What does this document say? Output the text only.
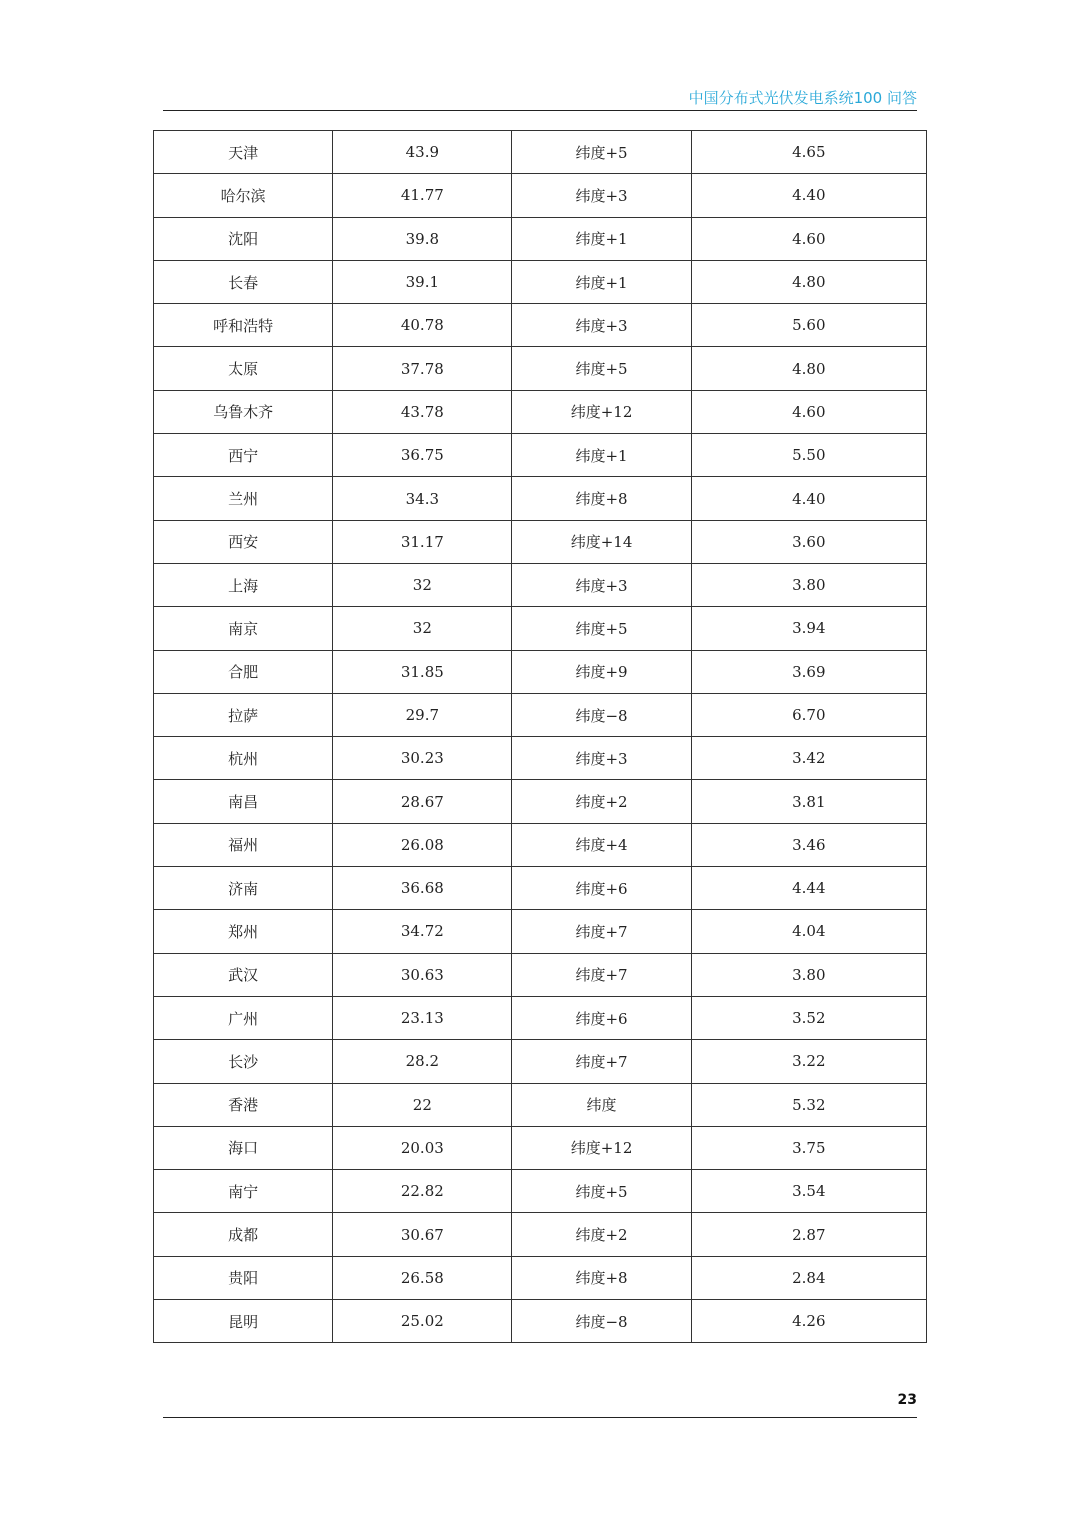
中国分布式光伏发电系统100 问答
天津	43.9	纬度+5	4.65
哈尔滨	41.77	纬度+3	4.40
沈阳	39.8	纬度+1	4.60
长春	39.1	纬度+1	4.80
呼和浩特	40.78	纬度+3	5.60
太原	37.78	纬度+5	4.80
乌鲁木齐	43.78	纬度+12	4.60
西宁	36.75	纬度+1	5.50
兰州	34.3	纬度+8	4.40
西安	31.17	纬度+14	3.60
上海	32	纬度+3	3.80
南京	32	纬度+5	3.94
合肥	31.85	纬度+9	3.69
拉萨	29.7	纬度−8	6.70
杭州	30.23	纬度+3	3.42
南昌	28.67	纬度+2	3.81
福州	26.08	纬度+4	3.46
济南	36.68	纬度+6	4.44
郑州	34.72	纬度+7	4.04
武汉	30.63	纬度+7	3.80
广州	23.13	纬度+6	3.52
长沙	28.2	纬度+7	3.22
香港	22	纬度	5.32
海口	20.03	纬度+12	3.75
南宁	22.82	纬度+5	3.54
成都	30.67	纬度+2	2.87
贵阳	26.58	纬度+8	2.84
昆明	25.02	纬度−8	4.26
23
